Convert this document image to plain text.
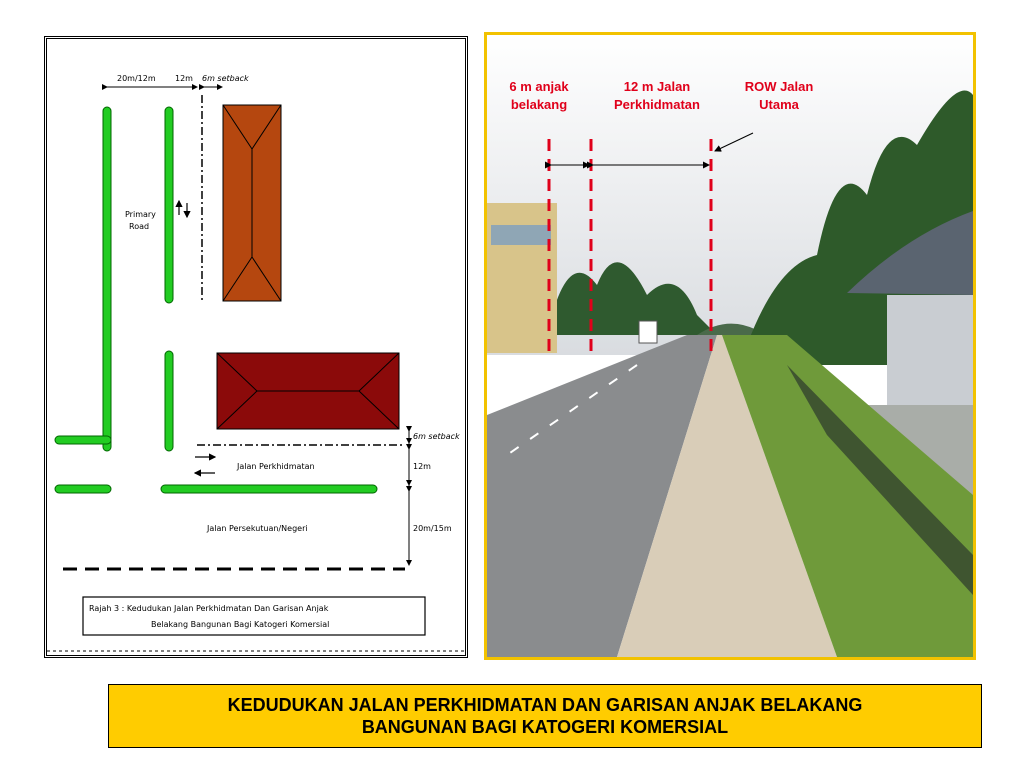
20m/12m 12m 6m setback
Primary
Road
6m setback
12m
20m/15m
Jalan Perkhidmatan
Jalan Persekutuan/Negeri
Rajah 3 : Kedudukan Jalan Perkhidmatan Dan Garisan Anjak
Belakang Bangunan Bagi Katogeri Komersial
6 m anjak
belakang
12 m Jalan
Perkhidmatan
ROW Jalan
Utama
KEDUDUKAN JALAN PERKHIDMATAN DAN GARISAN ANJAK BELAKANG
BANGUNAN BAGI KATOGERI KOMERSIAL
